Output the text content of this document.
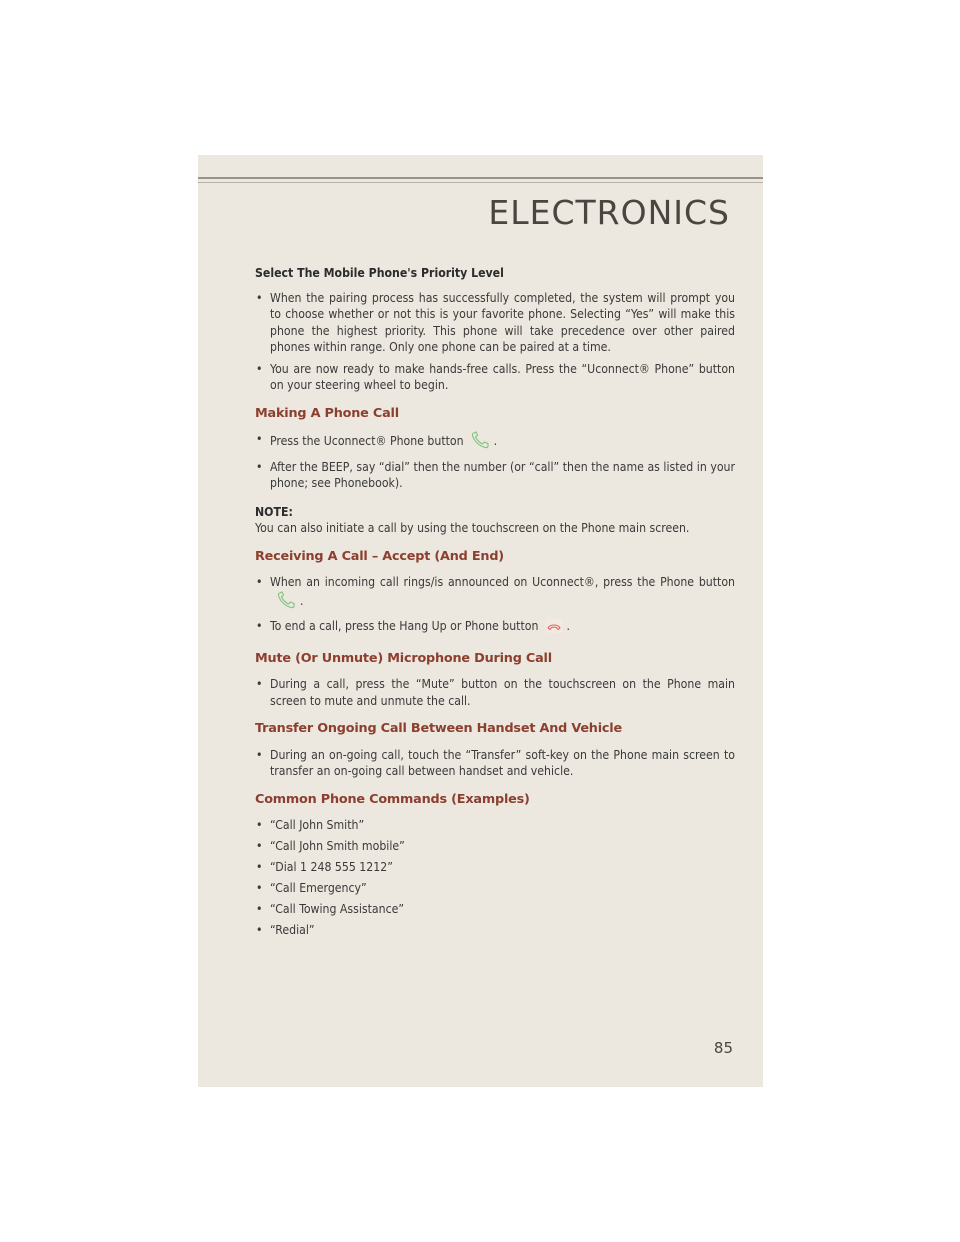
ELECTRONICS
Select The Mobile Phone's Priority Level
• When the pairing process has successfully completed, the system will prompt you to choose whether or not this is your favorite phone. Selecting “Yes” will make this phone the highest priority. This phone will take precedence over other paired phones within range. Only one phone can be paired at a time.
• You are now ready to make hands-free calls. Press the “Uconnect® Phone” button on your steering wheel to begin.
Making A Phone Call
• Press the Uconnect® Phone button .
• After the BEEP, say “dial” then the number (or “call” then the name as listed in your phone; see Phonebook).
NOTE:
You can also initiate a call by using the touchscreen on the Phone main screen.
Receiving A Call – Accept (And End)
• When an incoming call rings/is announced on Uconnect®, press the Phone button.
• To end a call, press the Hang Up or Phone button .
Mute (Or Unmute) Microphone During Call
• During a call, press the “Mute” button on the touchscreen on the Phone main screen to mute and unmute the call.
Transfer Ongoing Call Between Handset And Vehicle
• During an on-going call, touch the “Transfer” soft-key on the Phone main screen to transfer an on-going call between handset and vehicle.
Common Phone Commands (Examples)
• “Call John Smith”
• “Call John Smith mobile”
• “Dial 1 248 555 1212”
• “Call Emergency”
• “Call Towing Assistance”
• “Redial”
85
